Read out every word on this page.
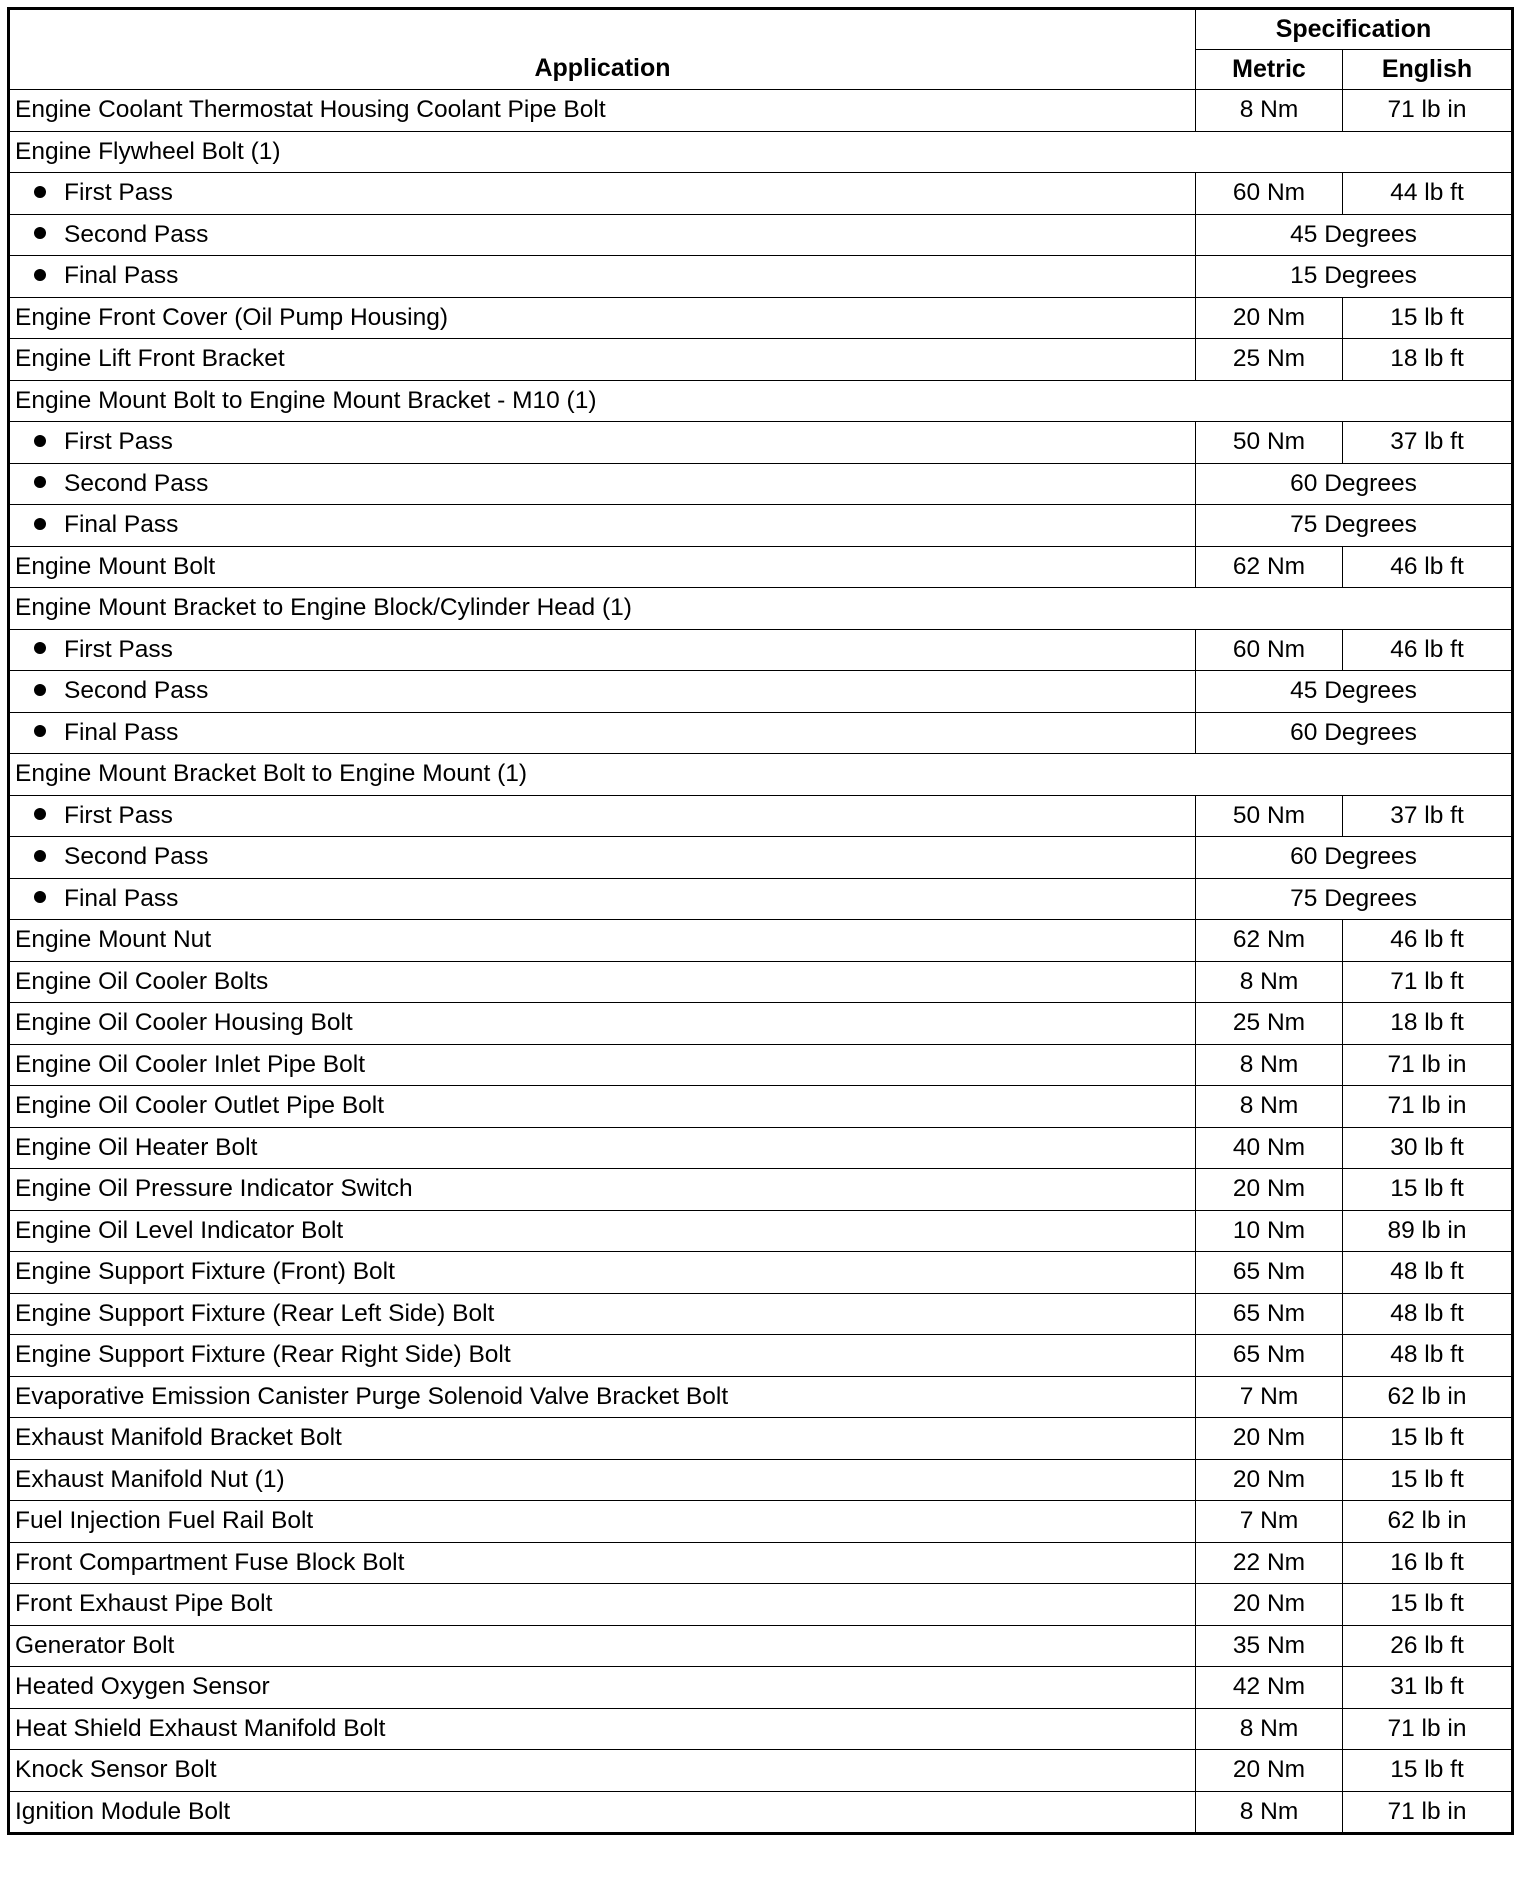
Application	Specification	
	Metric	English
Engine Coolant Thermostat Housing Coolant Pipe Bolt	8 Nm	71 lb in
Engine Flywheel Bolt (1)		
First Pass	60 Nm	44 lb ft
Second Pass	45 Degrees	
Final Pass	15 Degrees	
Engine Front Cover (Oil Pump Housing)	20 Nm	15 lb ft
Engine Lift Front Bracket	25 Nm	18 lb ft
Engine Mount Bolt to Engine Mount Bracket - M10 (1)		
First Pass	50 Nm	37 lb ft
Second Pass	60 Degrees	
Final Pass	75 Degrees	
Engine Mount Bolt	62 Nm	46 lb ft
Engine Mount Bracket to Engine Block/Cylinder Head (1)		
First Pass	60 Nm	46 lb ft
Second Pass	45 Degrees	
Final Pass	60 Degrees	
Engine Mount Bracket Bolt to Engine Mount (1)		
First Pass	50 Nm	37 lb ft
Second Pass	60 Degrees	
Final Pass	75 Degrees	
Engine Mount Nut	62 Nm	46 lb ft
Engine Oil Cooler Bolts	8 Nm	71 lb ft
Engine Oil Cooler Housing Bolt	25 Nm	18 lb ft
Engine Oil Cooler Inlet Pipe Bolt	8 Nm	71 lb in
Engine Oil Cooler Outlet Pipe Bolt	8 Nm	71 lb in
Engine Oil Heater Bolt	40 Nm	30 lb ft
Engine Oil Pressure Indicator Switch	20 Nm	15 lb ft
Engine Oil Level Indicator Bolt	10 Nm	89 lb in
Engine Support Fixture (Front) Bolt	65 Nm	48 lb ft
Engine Support Fixture (Rear Left Side) Bolt	65 Nm	48 lb ft
Engine Support Fixture (Rear Right Side) Bolt	65 Nm	48 lb ft
Evaporative Emission Canister Purge Solenoid Valve Bracket Bolt	7 Nm	62 lb in
Exhaust Manifold Bracket Bolt	20 Nm	15 lb ft
Exhaust Manifold Nut (1)	20 Nm	15 lb ft
Fuel Injection Fuel Rail Bolt	7 Nm	62 lb in
Front Compartment Fuse Block Bolt	22 Nm	16 lb ft
Front Exhaust Pipe Bolt	20 Nm	15 lb ft
Generator Bolt	35 Nm	26 lb ft
Heated Oxygen Sensor	42 Nm	31 lb ft
Heat Shield Exhaust Manifold Bolt	8 Nm	71 lb in
Knock Sensor Bolt	20 Nm	15 lb ft
Ignition Module Bolt	8 Nm	71 lb in
